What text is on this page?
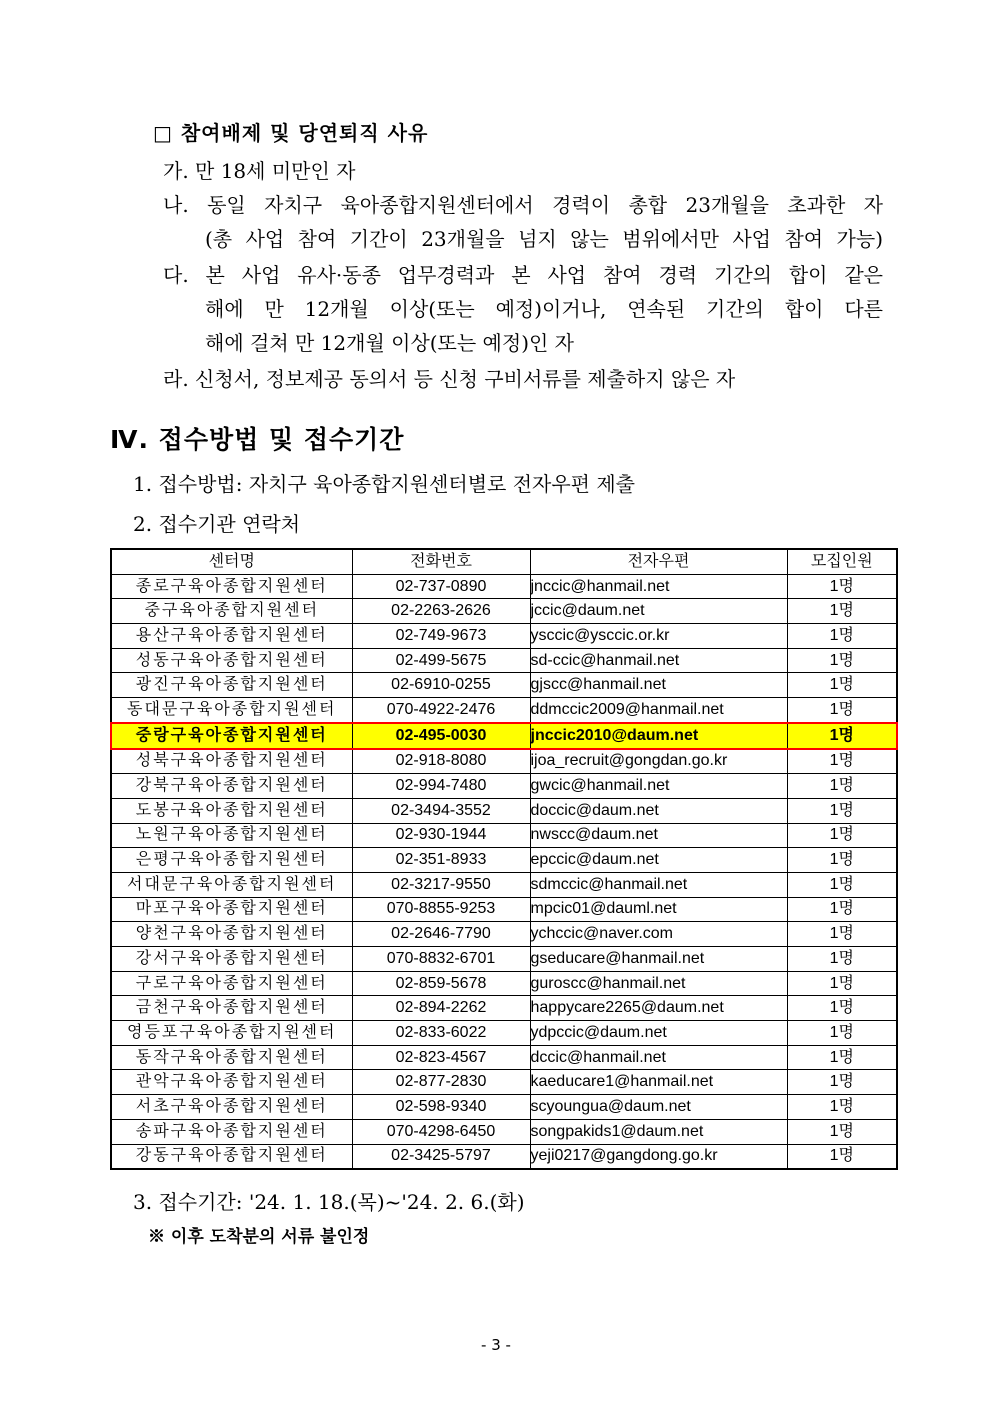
□ 참여배제 및 당연퇴직 사유
가. 만 18세 미만인 자
나. 동일 자치구 육아종합지원센터에서 경력이 총합 23개월을 초과한 자
(총 사업 참여 기간이 23개월을 넘지 않는 범위에서만 사업 참여 가능)
다. 본 사업 유사·동종 업무경력과 본 사업 참여 경력 기간의 합이 같은
해에 만 12개월 이상(또는 예정)이거나, 연속된 기간의 합이 다른
해에 걸쳐 만 12개월 이상(또는 예정)인 자
라. 신청서, 정보제공 동의서 등 신청 구비서류를 제출하지 않은 자
Ⅳ. 접수방법 및 접수기간
1. 접수방법: 자치구 육아종합지원센터별로 전자우편 제출
2. 접수기관 연락처
센터명	전화번호	전자우편	모집인원
종로구육아종합지원센터	02-737-0890	jnccic@hanmail.net	1명
중구육아종합지원센터	02-2263-2626	jccic@daum.net	1명
용산구육아종합지원센터	02-749-9673	ysccic@ysccic.or.kr	1명
성동구육아종합지원센터	02-499-5675	sd-ccic@hanmail.net	1명
광진구육아종합지원센터	02-6910-0255	gjscc@hanmail.net	1명
동대문구육아종합지원센터	070-4922-2476	ddmccic2009@hanmail.net	1명
중랑구육아종합지원센터	02-495-0030	jnccic2010@daum.net	1명
성북구육아종합지원센터	02-918-8080	ijoa_recruit@gongdan.go.kr	1명
강북구육아종합지원센터	02-994-7480	gwcic@hanmail.net	1명
도봉구육아종합지원센터	02-3494-3552	doccic@daum.net	1명
노원구육아종합지원센터	02-930-1944	nwscc@daum.net	1명
은평구육아종합지원센터	02-351-8933	epccic@daum.net	1명
서대문구육아종합지원센터	02-3217-9550	sdmccic@hanmail.net	1명
마포구육아종합지원센터	070-8855-9253	mpcic01@dauml.net	1명
양천구육아종합지원센터	02-2646-7790	ychccic@naver.com	1명
강서구육아종합지원센터	070-8832-6701	gseducare@hanmail.net	1명
구로구육아종합지원센터	02-859-5678	guroscc@hanmail.net	1명
금천구육아종합지원센터	02-894-2262	happycare2265@daum.net	1명
영등포구육아종합지원센터	02-833-6022	ydpccic@daum.net	1명
동작구육아종합지원센터	02-823-4567	dccic@hanmail.net	1명
관악구육아종합지원센터	02-877-2830	kaeducare1@hanmail.net	1명
서초구육아종합지원센터	02-598-9340	scyoungua@daum.net	1명
송파구육아종합지원센터	070-4298-6450	songpakids1@daum.net	1명
강동구육아종합지원센터	02-3425-5797	yeji0217@gangdong.go.kr	1명
3. 접수기간: '24. 1. 18.(목)~'24. 2. 6.(화)
※ 이후 도착분의 서류 불인정
- 3 -
